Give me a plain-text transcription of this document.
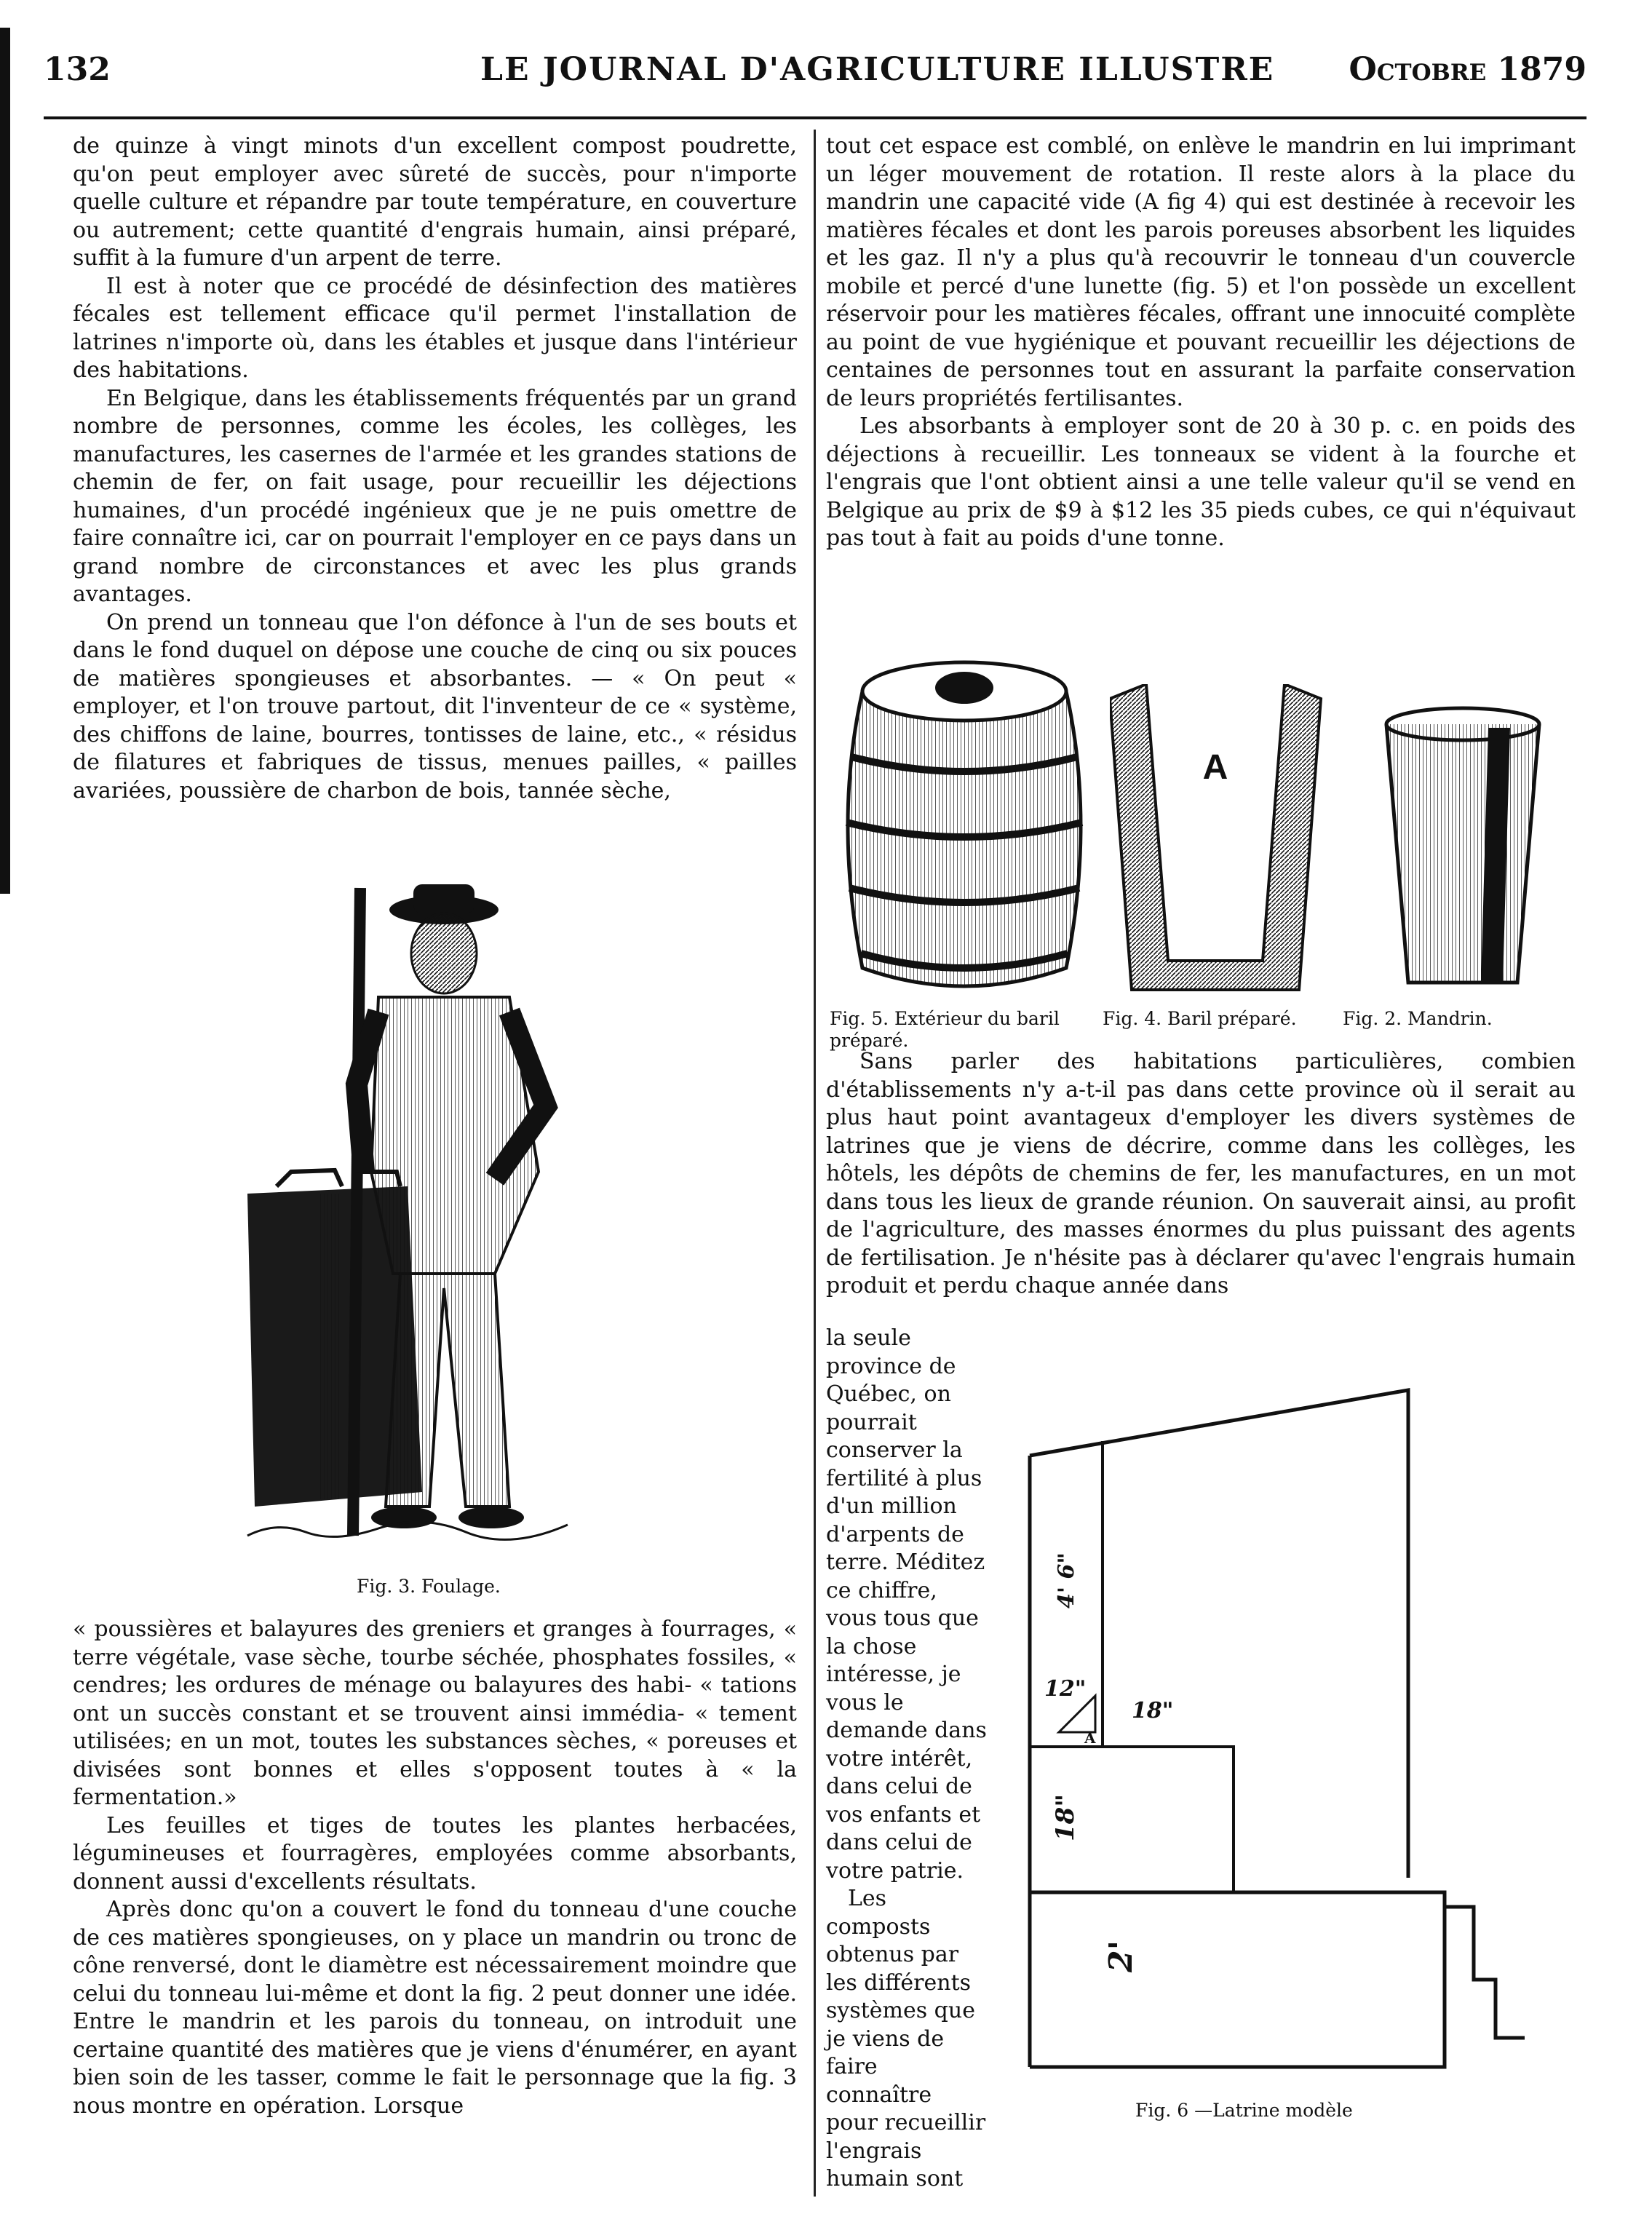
132	LE JOURNAL D'AGRICULTURE ILLUSTRE Octobre 1879

de quinze à vingt minots d'un excellent compost poudrette, qu'on peut employer avec sûreté de succès, pour n'importe quelle culture et répandre par toute température, en couverture ou autrement; cette quantité d'engrais humain, ainsi préparé, suffit à la fumure d'un arpent de terre.

Il est à noter que ce procédé de désinfection des matières fécales est tellement efficace qu'il permet l'installation de latrines n'importe où, dans les étables et jusque dans l'intérieur des habitations.

En Belgique, dans les établissements fréquentés par un grand nombre de personnes, comme les écoles, les collèges, les manufactures, les casernes de l'armée et les grandes stations de chemin de fer, on fait usage, pour recueillir les déjections humaines, d'un procédé ingénieux que je ne puis omettre de faire connaître ici, car on pourrait l'employer en ce pays dans un grand nombre de circonstances et avec les plus grands avantages.

On prend un tonneau que l'on défonce à l'un de ses bouts et dans le fond duquel on dépose une couche de cinq ou six pouces de matières spongieuses et absorbantes. — « On peut « employer, et l'on trouve partout, dit l'inventeur de ce « système, des chiffons de laine, bourres, tontisses de laine, etc., « résidus de filatures et fabriques de tissus, menues pailles, « pailles avariées, poussière de charbon de bois, tannée sèche,

Fig. 3. Foulage.

« poussières et balayures des greniers et granges à fourrages, « terre végétale, vase sèche, tourbe séchée, phosphates fossiles, « cendres; les ordures de ménage ou balayures des habi- « tations ont un succès constant et se trouvent ainsi immédia- « tement utilisées; en un mot, toutes les substances sèches, « poreuses et divisées sont bonnes et elles s'opposent toutes à « la fermentation.»

Les feuilles et tiges de toutes les plantes herbacées, légumineuses et fourragères, employées comme absorbants, donnent aussi d'excellents résultats.

Après donc qu'on a couvert le fond du tonneau d'une couche de ces matières spongieuses, on y place un mandrin ou tronc de cône renversé, dont le diamètre est nécessairement moindre que celui du tonneau lui-même et dont la fig. 2 peut donner une idée. Entre le mandrin et les parois du tonneau, on introduit une certaine quantité des matières que je viens d'énumérer, en ayant bien soin de les tasser, comme le fait le personnage que la fig. 3 nous montre en opération. Lorsque

tout cet espace est comblé, on enlève le mandrin en lui imprimant un léger mouvement de rotation. Il reste alors à la place du mandrin une capacité vide (A fig 4) qui est destinée à recevoir les matières fécales et dont les parois poreuses absorbent les liquides et les gaz. Il n'y a plus qu'à recouvrir le tonneau d'un couvercle mobile et percé d'une lunette (fig. 5) et l'on possède un excellent réservoir pour les matières fécales, offrant une innocuité complète au point de vue hygiénique et pouvant recueillir les déjections de centaines de personnes tout en assurant la parfaite conservation de leurs propriétés fertilisantes.

Les absorbants à employer sont de 20 à 30 p. c. en poids des déjections à recueillir. Les tonneaux se vident à la fourche et l'engrais que l'ont obtient ainsi a une telle valeur qu'il se vend en Belgique au prix de $9 à $12 les 35 pieds cubes, ce qui n'équivaut pas tout à fait au poids d'une tonne.

A
Fig. 5. Extérieur du baril préparé.
Fig. 4. Baril préparé.	Fig. 2. Mandrin.

Sans parler des habitations particulières, combien d'établissements n'y a-t-il pas dans cette province où il serait au plus haut point avantageux d'employer les divers systèmes de latrines que je viens de décrire, comme dans les collèges, les hôtels, les dépôts de chemins de fer, les manufactures, en un mot dans tous les lieux de grande réunion. On sauverait ainsi, au profit de l'agriculture, des masses énormes du plus puissant des agents de fertilisation. Je n'hésite pas à déclarer qu'avec l'engrais humain produit et perdu chaque année dans

la seule province de Québec, on pourrait conserver la fertilité à plus d'un million d'arpents de terre. Méditez ce chiffre, vous tous que la chose intéresse, je vous le demande dans votre intérêt, dans celui de vos enfants et dans celui de votre patrie.

Les composts obtenus par les différents systèmes que je viens de faire connaître pour recueillir l'engrais humain sont

4' 6"
12"
18"
A
18"
2'
Fig. 6 —Latrine modèle
